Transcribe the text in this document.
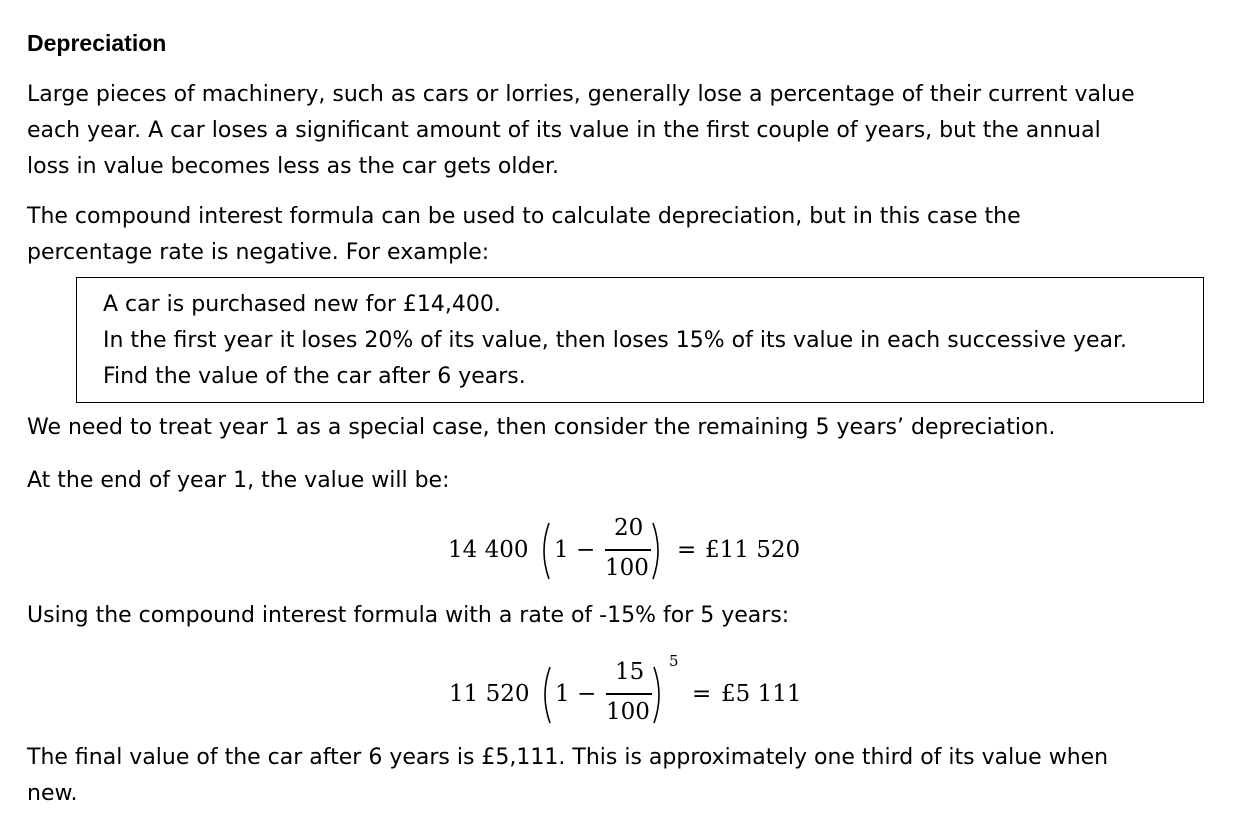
Depreciation
Large pieces of machinery, such as cars or lorries, generally lose a percentage of their current value
each year. A car loses a significant amount of its value in the first couple of years, but the annual
loss in value becomes less as the car gets older.
The compound interest formula can be used to calculate depreciation, but in this case the
percentage rate is negative. For example:
A car is purchased new for £14,400.
In the first year it loses 20% of its value, then loses 15% of its value in each successive year.
Find the value of the car after 6 years.
We need to treat year 1 as a special case, then consider the remaining 5 years’ depreciation.
At the end of year 1, the value will be:
14 400 1 −
20
100
= £11 520
Using the compound interest formula with a rate of -15% for 5 years:
11 520 1 −
15
100
5
= £5 111
The final value of the car after 6 years is £5,111. This is approximately one third of its value when
new.
